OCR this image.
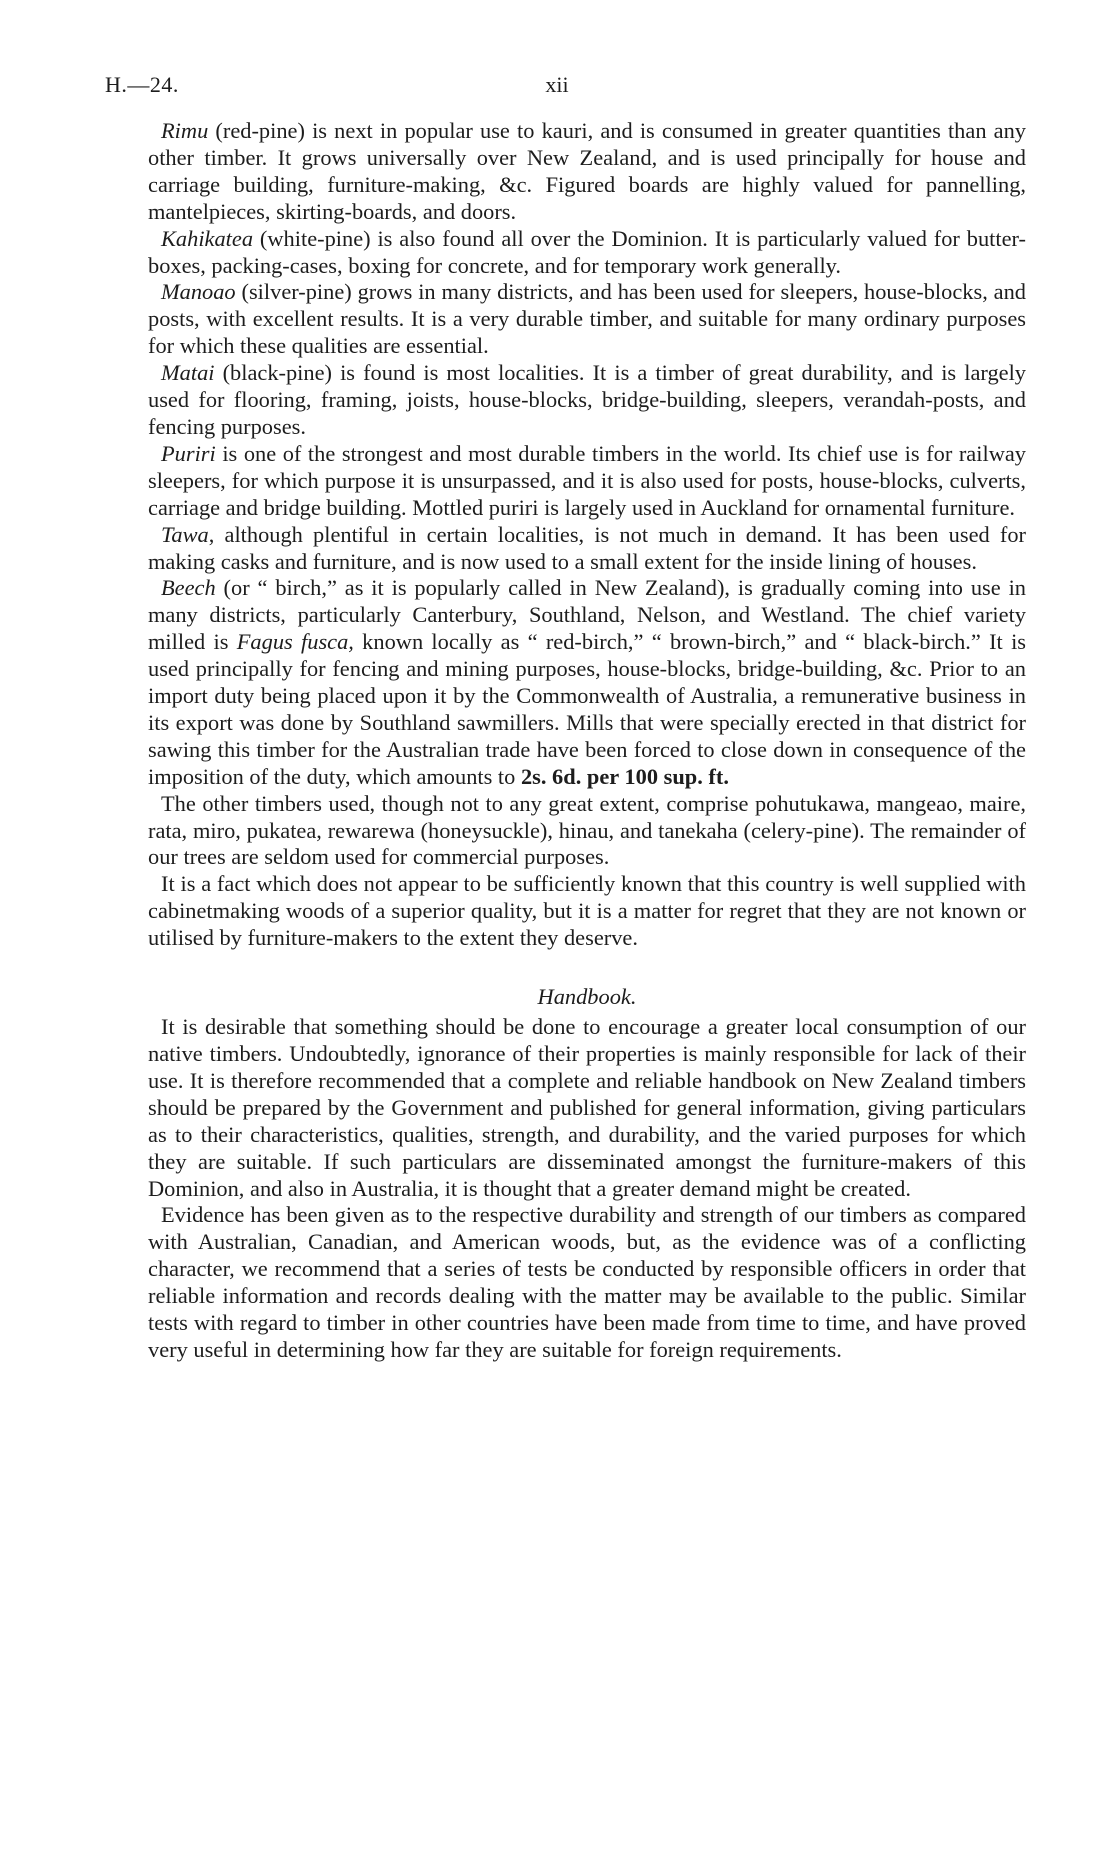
H.—24.	xii

Rimu (red-pine) is next in popular use to kauri, and is consumed in greater quantities than any other timber. It grows universally over New Zealand, and is used principally for house and carriage building, furniture-making, &c. Figured boards are highly valued for pannelling, mantelpieces, skirting-boards, and doors.

Kahikatea (white-pine) is also found all over the Dominion. It is particularly valued for butter-boxes, packing-cases, boxing for concrete, and for temporary work generally.

Manoao (silver-pine) grows in many districts, and has been used for sleepers, house-blocks, and posts, with excellent results. It is a very durable timber, and suitable for many ordinary purposes for which these qualities are essential.

Matai (black-pine) is found is most localities. It is a timber of great durability, and is largely used for flooring, framing, joists, house-blocks, bridge-building, sleepers, verandah-posts, and fencing purposes.

Puriri is one of the strongest and most durable timbers in the world. Its chief use is for railway sleepers, for which purpose it is unsurpassed, and it is also used for posts, house-blocks, culverts, carriage and bridge building. Mottled puriri is largely used in Auckland for ornamental furniture.

Tawa, although plentiful in certain localities, is not much in demand. It has been used for making casks and furniture, and is now used to a small extent for the inside lining of houses.

Beech (or “ birch,” as it is popularly called in New Zealand), is gradually coming into use in many districts, particularly Canterbury, Southland, Nelson, and Westland. The chief variety milled is Fagus fusca, known locally as “ red-birch,” “ brown-birch,” and “ black-birch.” It is used principally for fencing and mining purposes, house-blocks, bridge-building, &c. Prior to an import duty being placed upon it by the Commonwealth of Australia, a remunerative business in its export was done by Southland sawmillers. Mills that were specially erected in that district for sawing this timber for the Australian trade have been forced to close down in consequence of the imposition of the duty, which amounts to 2s. 6d. per 100 sup. ft.

The other timbers used, though not to any great extent, comprise pohutukawa, mangeao, maire, rata, miro, pukatea, rewarewa (honeysuckle), hinau, and tanekaha (celery-pine). The remainder of our trees are seldom used for commercial purposes.

It is a fact which does not appear to be sufficiently known that this country is well supplied with cabinetmaking woods of a superior quality, but it is a matter for regret that they are not known or utilised by furniture-makers to the extent they deserve.

Handbook.

It is desirable that something should be done to encourage a greater local consumption of our native timbers. Undoubtedly, ignorance of their properties is mainly responsible for lack of their use. It is therefore recommended that a complete and reliable handbook on New Zealand timbers should be prepared by the Government and published for general information, giving particulars as to their characteristics, qualities, strength, and durability, and the varied purposes for which they are suitable. If such particulars are disseminated amongst the furniture-makers of this Dominion, and also in Australia, it is thought that a greater demand might be created.

Evidence has been given as to the respective durability and strength of our timbers as compared with Australian, Canadian, and American woods, but, as the evidence was of a conflicting character, we recommend that a series of tests be conducted by responsible officers in order that reliable information and records dealing with the matter may be available to the public. Similar tests with regard to timber in other countries have been made from time to time, and have proved very useful in determining how far they are suitable for foreign requirements.
